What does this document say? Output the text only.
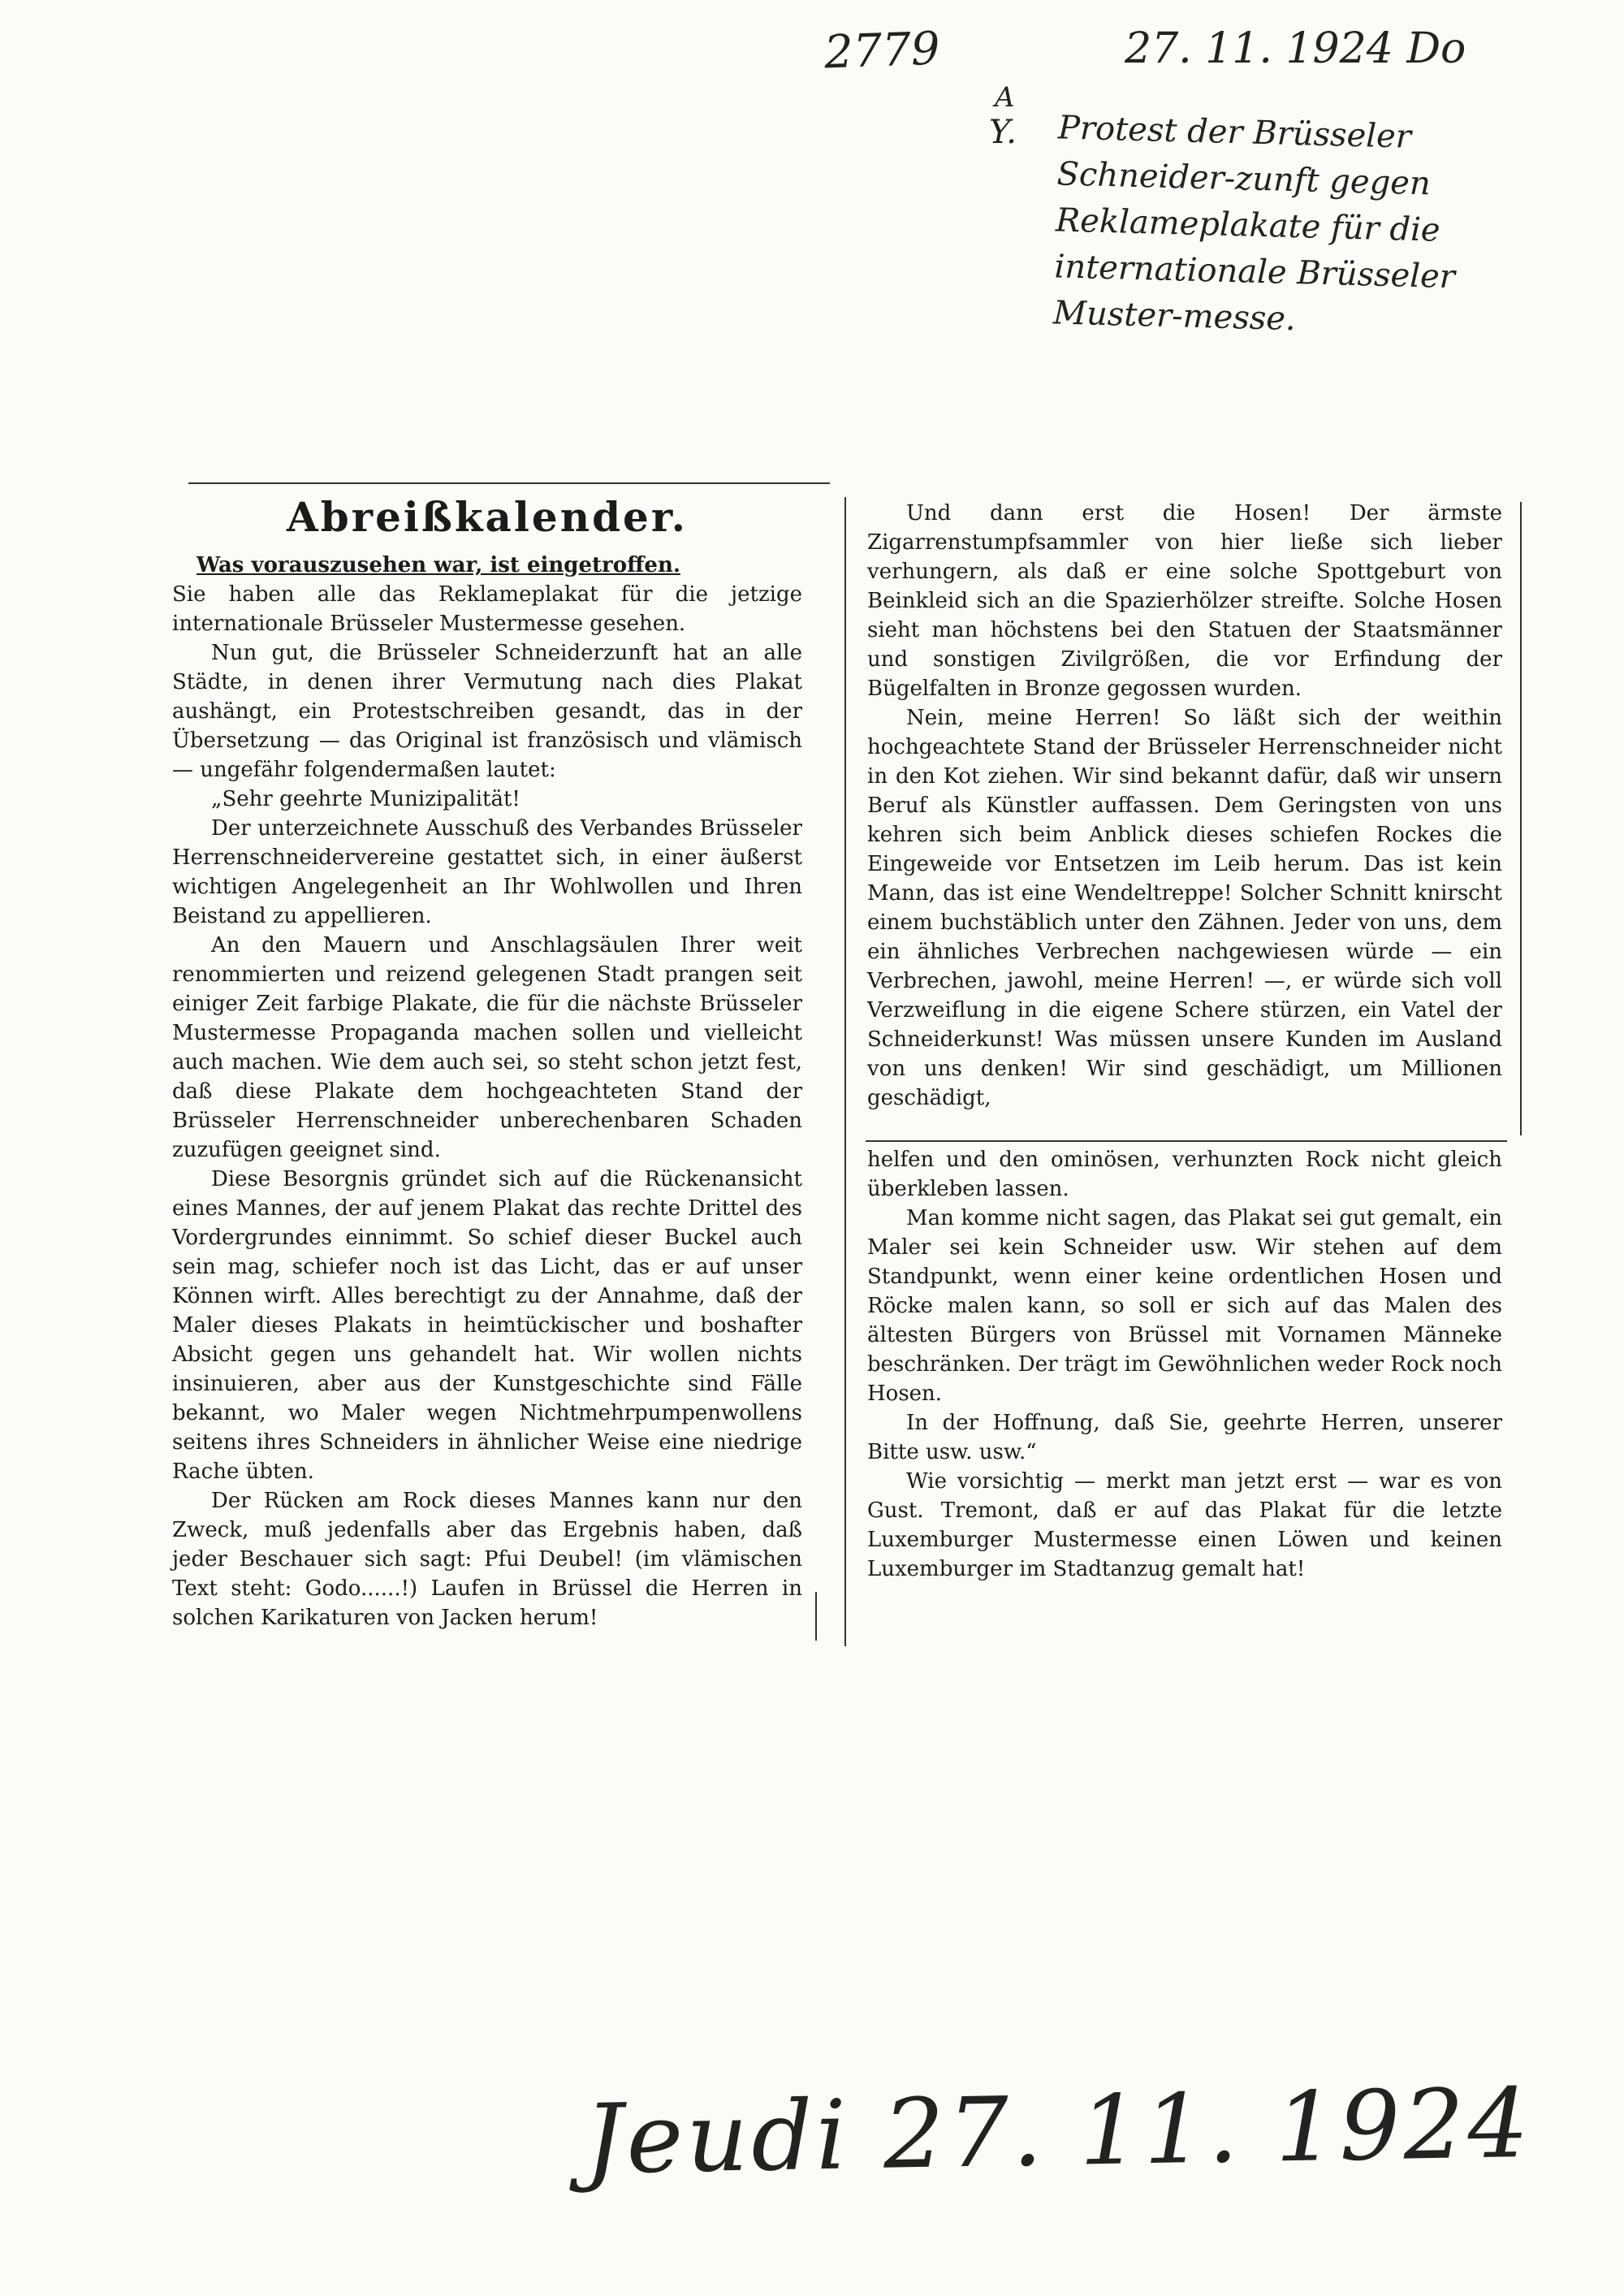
2779	27. 11. 1924 Do
A
Y. Protest der Brüsseler Schneider-zunft gegen Reklameplakate für die internationale Brüsseler Muster-messe.

Abreißkalender.

Was vorauszusehen war, ist eingetroffen.

Sie haben alle das Reklameplakat für die jetzige internationale Brüsseler Mustermesse gesehen.

Nun gut, die Brüsseler Schneiderzunft hat an alle Städte, in denen ihrer Vermutung nach dies Plakat aushängt, ein Protestschreiben gesandt, das in der Übersetzung — das Original ist französisch und vlämisch — ungefähr folgendermaßen lautet:

„Sehr geehrte Munizipalität!

Der unterzeichnete Ausschuß des Verbandes Brüsseler Herrenschneidervereine gestattet sich, in einer äußerst wichtigen Angelegenheit an Ihr Wohlwollen und Ihren Beistand zu appellieren.

An den Mauern und Anschlagsäulen Ihrer weit renommierten und reizend gelegenen Stadt prangen seit einiger Zeit farbige Plakate, die für die nächste Brüsseler Mustermesse Propaganda machen sollen und vielleicht auch machen. Wie dem auch sei, so steht schon jetzt fest, daß diese Plakate dem hochgeachteten Stand der Brüsseler Herrenschneider unberechenbaren Schaden zuzufügen geeignet sind.

Diese Besorgnis gründet sich auf die Rückenansicht eines Mannes, der auf jenem Plakat das rechte Drittel des Vordergrundes einnimmt. So schief dieser Buckel auch sein mag, schiefer noch ist das Licht, das er auf unser Können wirft. Alles berechtigt zu der Annahme, daß der Maler dieses Plakats in heimtückischer und boshafter Absicht gegen uns gehandelt hat. Wir wollen nichts insinuieren, aber aus der Kunstgeschichte sind Fälle bekannt, wo Maler wegen Nichtmehrpumpenwollens seitens ihres Schneiders in ähnlicher Weise eine niedrige Rache übten.

Der Rücken am Rock dieses Mannes kann nur den Zweck, muß jedenfalls aber das Ergebnis haben, daß jeder Beschauer sich sagt: Pfui Deubel! (im vlämischen Text steht: Godo......!) Laufen in Brüssel die Herren in solchen Karikaturen von Jacken herum!

Und dann erst die Hosen! Der ärmste Zigarrenstumpfsammler von hier ließe sich lieber verhungern, als daß er eine solche Spottgeburt von Beinkleid sich an die Spazierhölzer streifte. Solche Hosen sieht man höchstens bei den Statuen der Staatsmänner und sonstigen Zivilgrößen, die vor Erfindung der Bügelfalten in Bronze gegossen wurden.

Nein, meine Herren! So läßt sich der weithin hochgeachtete Stand der Brüsseler Herrenschneider nicht in den Kot ziehen. Wir sind bekannt dafür, daß wir unsern Beruf als Künstler auffassen. Dem Geringsten von uns kehren sich beim Anblick dieses schiefen Rockes die Eingeweide vor Entsetzen im Leib herum. Das ist kein Mann, das ist eine Wendeltreppe! Solcher Schnitt knirscht einem buchstäblich unter den Zähnen. Jeder von uns, dem ein ähnliches Verbrechen nachgewiesen würde — ein Verbrechen, jawohl, meine Herren! —, er würde sich voll Verzweiflung in die eigene Schere stürzen, ein Vatel der Schneiderkunst! Was müssen unsere Kunden im Ausland von uns denken! Wir sind geschädigt, um Millionen geschädigt,

helfen und den ominösen, verhunzten Rock nicht gleich überkleben lassen.

Man komme nicht sagen, das Plakat sei gut gemalt, ein Maler sei kein Schneider usw. Wir stehen auf dem Standpunkt, wenn einer keine ordentlichen Hosen und Röcke malen kann, so soll er sich auf das Malen des ältesten Bürgers von Brüssel mit Vornamen Männeke beschränken. Der trägt im Gewöhnlichen weder Rock noch Hosen.

In der Hoffnung, daß Sie, geehrte Herren, unserer Bitte usw. usw.“

Wie vorsichtig — merkt man jetzt erst — war es von Gust. Tremont, daß er auf das Plakat für die letzte Luxemburger Mustermesse einen Löwen und keinen Luxemburger im Stadtanzug gemalt hat!

Jeudi 27. 11. 1924
